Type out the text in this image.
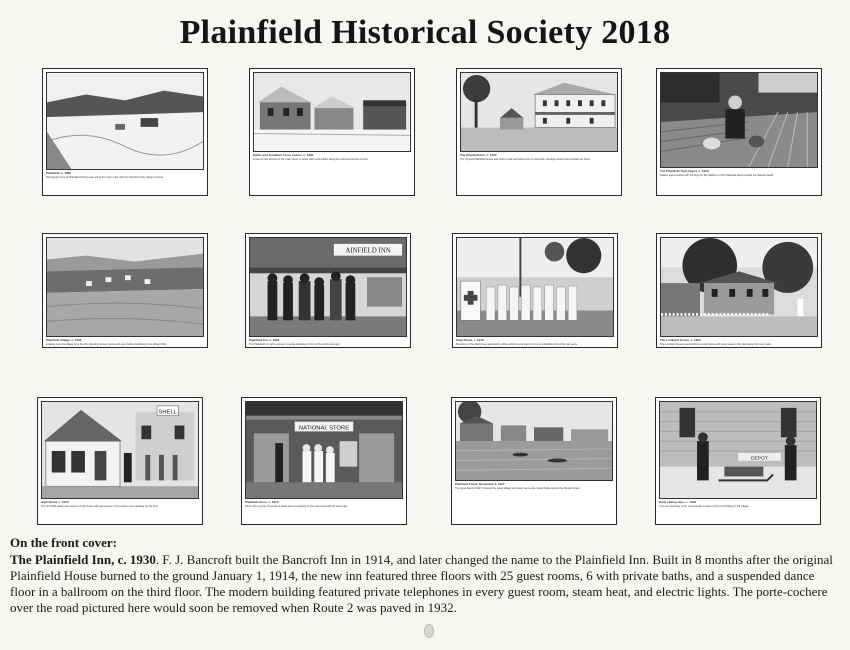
Plainfield Historical Society 2018
Plainfield, c. 1890
Photograph view of Plainfield looking east along the main road, with the hill behind the village in winter.
Gibbs and Jonathan Cross homes, c. 1900
A view of two homes on the main street in winter with snow banks along the road and fences in front.
The Plainfield Inn, c. 1900
The original Plainfield House was built on this site before the inn was built. Carriage sheds stood beside the hotel.
The Plainfield Train Depot, c. 1920
Station agent seated with his dogs on the platform of the Plainfield Depot beside the railroad tracks.
Plainfield Village, c. 1900
Looking over the village from the hill, showing homes, barns and open fields stretching to the distant hills.
AINFIELD INN
Plainfield Inn, c. 1920
The Plainfield Inn with a group of people standing in front of the porch and sign.
High Street, c. 1918
Members of the Red Cross gathered in white uniforms and caps in front of a building during the war years.
The Lombard House, c. 1900
The Lombard house stood behind a picket fence with large trees in the yard along the main road.
SHELL
High Street, c. 1910
The old Shell station and store on High Street with gas pumps in front and a man standing by the door.
NATIONAL STORE
Plainfield Store, c. 1910
Store with a group of people in white aprons standing on the steps beneath the store sign.
Plainfield Flood, November 4, 1927
The great flood of 1927 covered the lower village with water as people rowed boats across the flooded street.
DEPOT
Early sliding days, c. 1900
Two men standing in the snow beside a sled in front of a building in the village.
On the front cover:

The Plainfield Inn, c. 1930. F. J. Bancroft built the Bancroft Inn in 1914, and later changed the name to the Plainfield Inn. Built in 8 months after the original Plainfield House burned to the ground January 1, 1914, the new inn featured three floors with 25 guest rooms, 6 with private baths, and a suspended dance floor in a ballroom on the third floor. The modern building featured private telephones in every guest room, steam heat, and electric lights. The porte-cochere over the road pictured here would soon be removed when Route 2 was paved in 1932.
